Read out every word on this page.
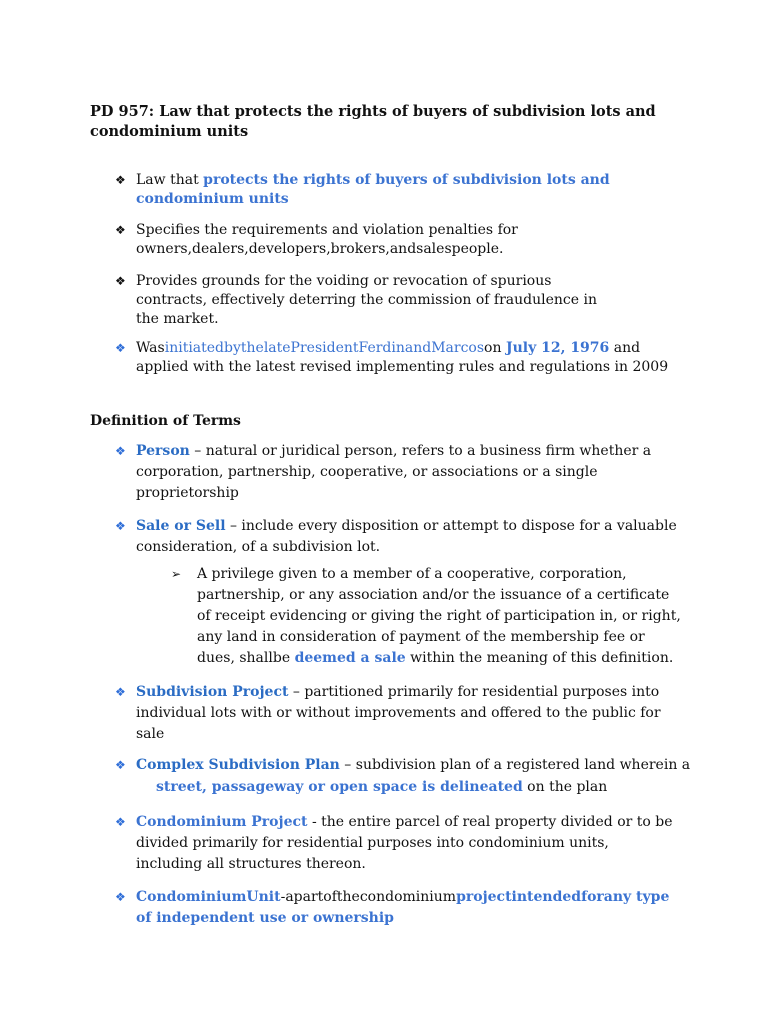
PD 957: Law that protects the rights of buyers of subdivision lots and
condominium units
❖ Law that protects the rights of buyers of subdivision lots and
condominium units
❖ Specifies the requirements and violation penalties for
owners,dealers,developers,brokers,andsalespeople.
❖ Provides grounds for the voiding or revocation of spurious
contracts, effectively deterring the commission of fraudulence in
the market.
❖ WasinitiatedbythelatePresidentFerdinandMarcoson July 12, 1976 and
applied with the latest revised implementing rules and regulations in 2009
Definition of Terms
❖ Person – natural or juridical person, refers to a business firm whether a
corporation, partnership, cooperative, or associations or a single
proprietorship
❖ Sale or Sell – include every disposition or attempt to dispose for a valuable
consideration, of a subdivision lot.
➢ A privilege given to a member of a cooperative, corporation,
partnership, or any association and/or the issuance of a certificate
of receipt evidencing or giving the right of participation in, or right,
any land in consideration of payment of the membership fee or
dues, shallbe deemed a sale within the meaning of this definition.
❖ Subdivision Project – partitioned primarily for residential purposes into
individual lots with or without improvements and offered to the public for
sale
❖ Complex Subdivision Plan – subdivision plan of a registered land wherein a
street, passageway or open space is delineated on the plan
❖ Condominium Project - the entire parcel of real property divided or to be
divided primarily for residential purposes into condominium units,
including all structures thereon.
❖ CondominiumUnit-apartofthecondominiumprojectintendedforany type
of independent use or ownership
